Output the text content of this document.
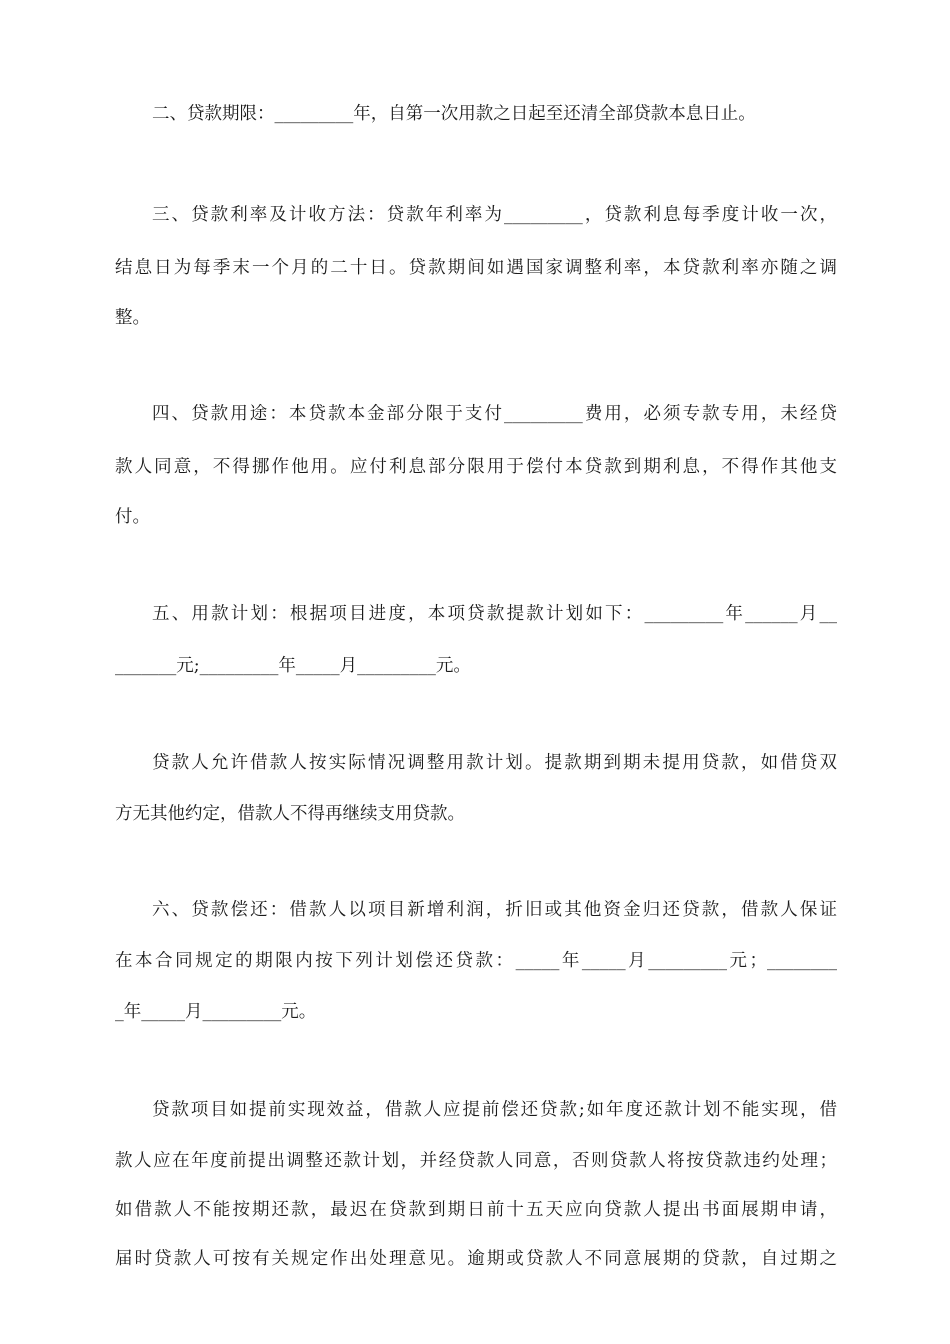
二、贷款期限：_________年，自第一次用款之日起至还清全部贷款本息日止。
三、贷款利率及计收方法：贷款年利率为_________，贷款利息每季度计收一次，
结息日为每季末一个月的二十日。贷款期间如遇国家调整利率，本贷款利率亦随之调
整。
四、贷款用途：本贷款本金部分限于支付_________费用，必须专款专用，未经贷
款人同意，不得挪作他用。应付利息部分限用于偿付本贷款到期利息，不得作其他支
付。
五、用款计划：根据项目进度，本项贷款提款计划如下：_________年______月__
_______元;_________年_____月_________元。
贷款人允许借款人按实际情况调整用款计划。提款期到期未提用贷款，如借贷双
方无其他约定，借款人不得再继续支用贷款。
六、贷款偿还：借款人以项目新增利润，折旧或其他资金归还贷款，借款人保证
在本合同规定的期限内按下列计划偿还贷款：_____年_____月_________元；________
_年_____月_________元。
贷款项目如提前实现效益，借款人应提前偿还贷款;如年度还款计划不能实现，借
款人应在年度前提出调整还款计划，并经贷款人同意，否则贷款人将按贷款违约处理；
如借款人不能按期还款，最迟在贷款到期日前十五天应向贷款人提出书面展期申请，
届时贷款人可按有关规定作出处理意见。逾期或贷款人不同意展期的贷款，自过期之
